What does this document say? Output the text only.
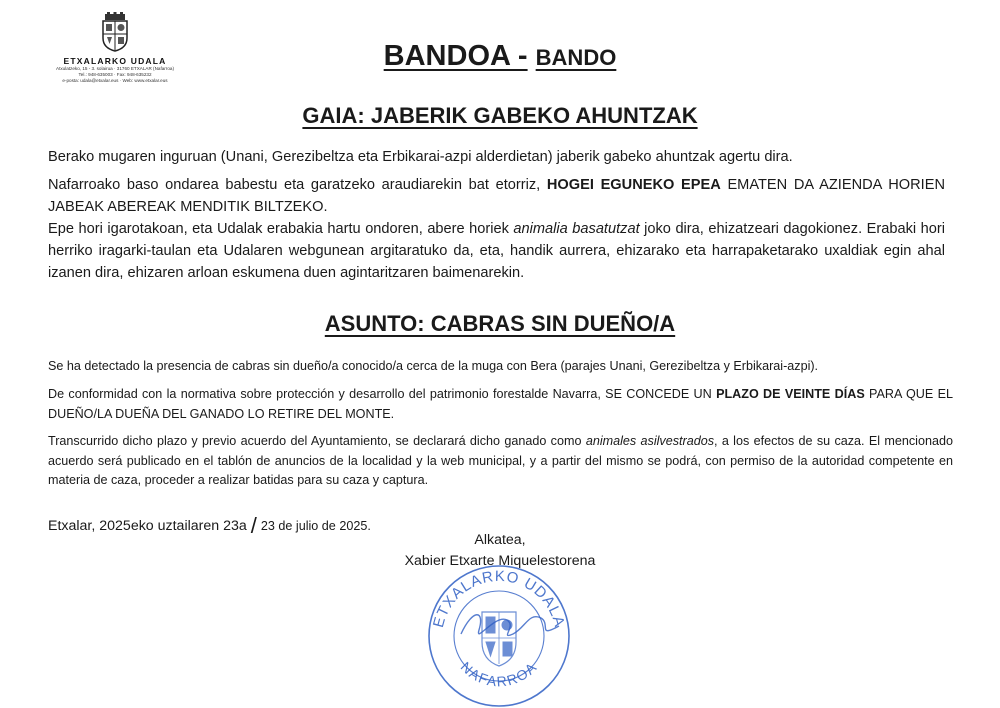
ETXALARKO UDALA
Atxulatzeko, 15 - 3. solairua · 31760 ETXALAR (Nafarroa)
Tel.: 948-635003 · Fax: 948-635232
e-posta: udala@etxalar.eus · Web: www.etxalar.eus
BANDOA - BANDO
GAIA: JABERIK GABEKO AHUNTZAK
Berako mugaren inguruan (Unani, Gerezibeltza eta Erbikarai-azpi alderdietan) jaberik gabeko ahuntzak agertu dira.
Nafarroako baso ondarea babestu eta garatzeko araudiarekin bat etorriz, HOGEI EGUNEKO EPEA EMATEN DA AZIENDA HORIEN JABEAK ABEREAK MENDITIK BILTZEKO.
Epe hori igarotakoan, eta Udalak erabakia hartu ondoren, abere horiek animalia basatutzat joko dira, ehizatzeari dagokionez. Erabaki hori herriko iragarki-taulan eta Udalaren webgunean argitaratuko da, eta, handik aurrera, ehizarako eta harrapaketarako uxaldiak egin ahal izanen dira, ehizaren arloan eskumena duen agintaritzaren baimenarekin.
ASUNTO: CABRAS SIN DUEÑO/A
Se ha detectado la presencia de cabras sin dueño/a conocido/a cerca de la muga con Bera (parajes Unani, Gerezibeltza y Erbikarai-azpi).
De conformidad con la normativa sobre protección y desarrollo del patrimonio forestalde Navarra, SE CONCEDE UN PLAZO DE VEINTE DÍAS PARA QUE EL DUEÑO/LA DUEÑA DEL GANADO LO RETIRE DEL MONTE.
Transcurrido dicho plazo y previo acuerdo del Ayuntamiento, se declarará dicho ganado como animales asilvestrados, a los efectos de su caza. El mencionado acuerdo será publicado en el tablón de anuncios de la localidad y la web municipal, y a partir del mismo se podrá, con permiso de la autoridad competente en materia de caza, proceder a realizar batidas para su caza y captura.
Etxalar, 2025eko uztailaren 23a / 23 de julio de 2025.
Alkatea,
Xabier Etxarte Miquelestorena
ETXALARKO UDALA
NAFARROA
